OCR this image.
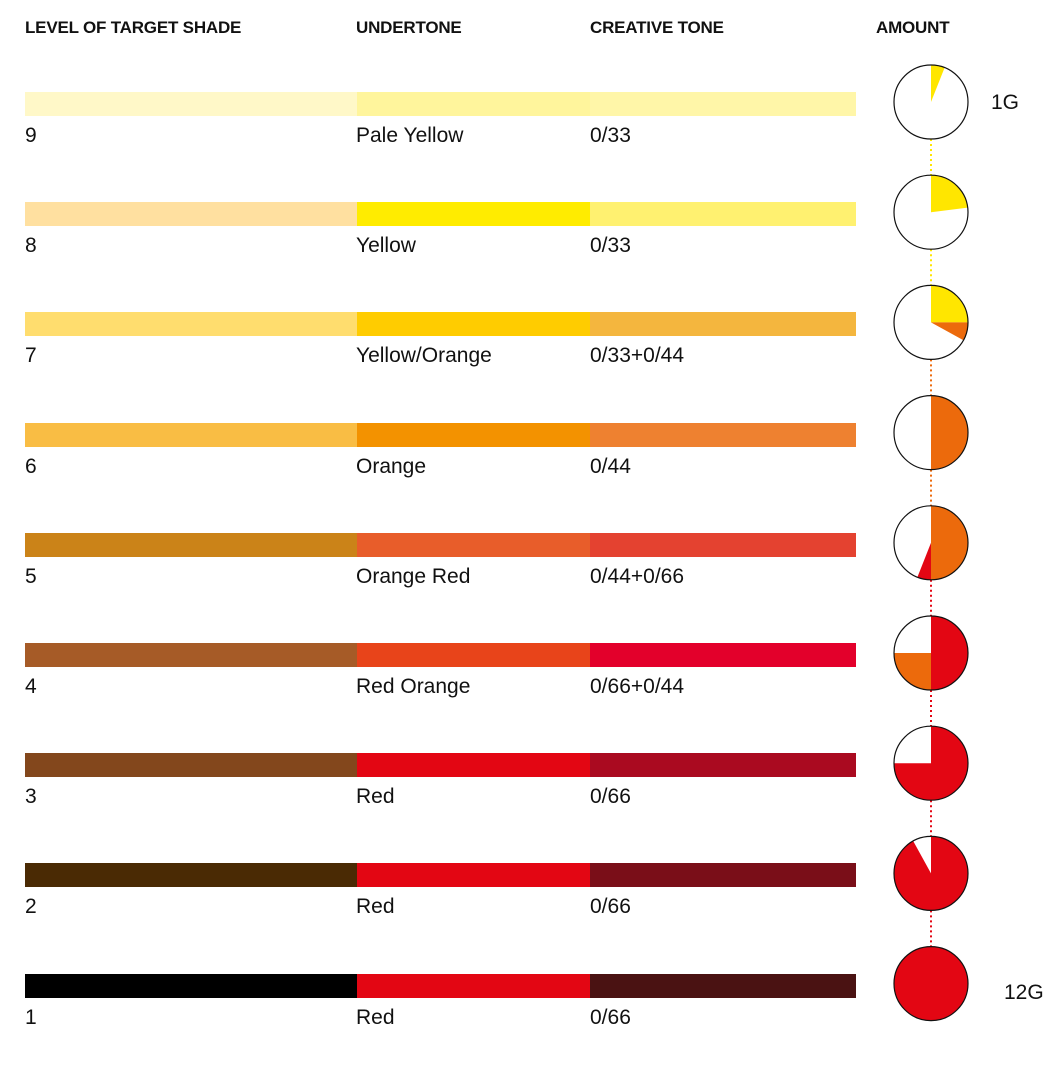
LEVEL OF TARGET SHADE	UNDERTONE	CREATIVE TONE	AMOUNT
9	Pale Yellow	0/33
8	Yellow	0/33
7	Yellow/Orange	0/33+0/44
6	Orange	0/44
5	Orange Red	0/44+0/66
4	Red Orange	0/66+0/44
3	Red	0/66
2	Red	0/66
1	Red	0/66
1G
12G
